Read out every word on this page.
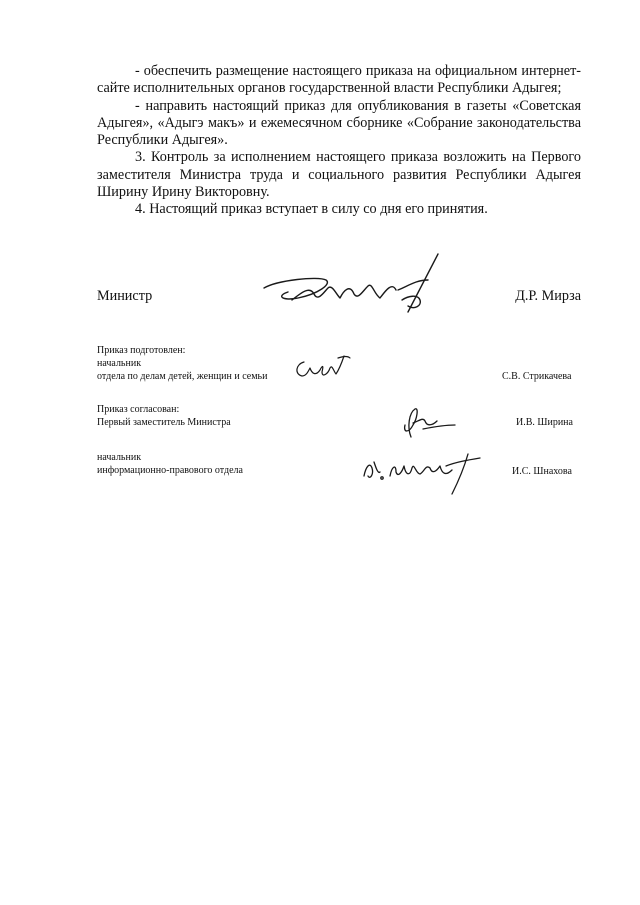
- обеспечить размещение настоящего приказа на официальном интернет-сайте исполнительных органов государственной власти Республики Адыгея;

- направить настоящий приказ для опубликования в газеты «Советская Адыгея», «Адыгэ макъ» и ежемесячном сборнике «Собрание законодательства Республики Адыгея».

3. Контроль за исполнением настоящего приказа возложить на Первого заместителя Министра труда и социального развития Республики Адыгея Ширину Ирину Викторовну.

4. Настоящий приказ вступает в силу со дня его принятия.

Министр	Д.Р. Мирза
Приказ подготовлен:
начальник
отдела по делам детей, женщин и семьи	С.В. Стрикачева
Приказ согласован:
Первый заместитель Министра	И.В. Ширина
начальник
информационно-правового отдела	И.С. Шнахова
